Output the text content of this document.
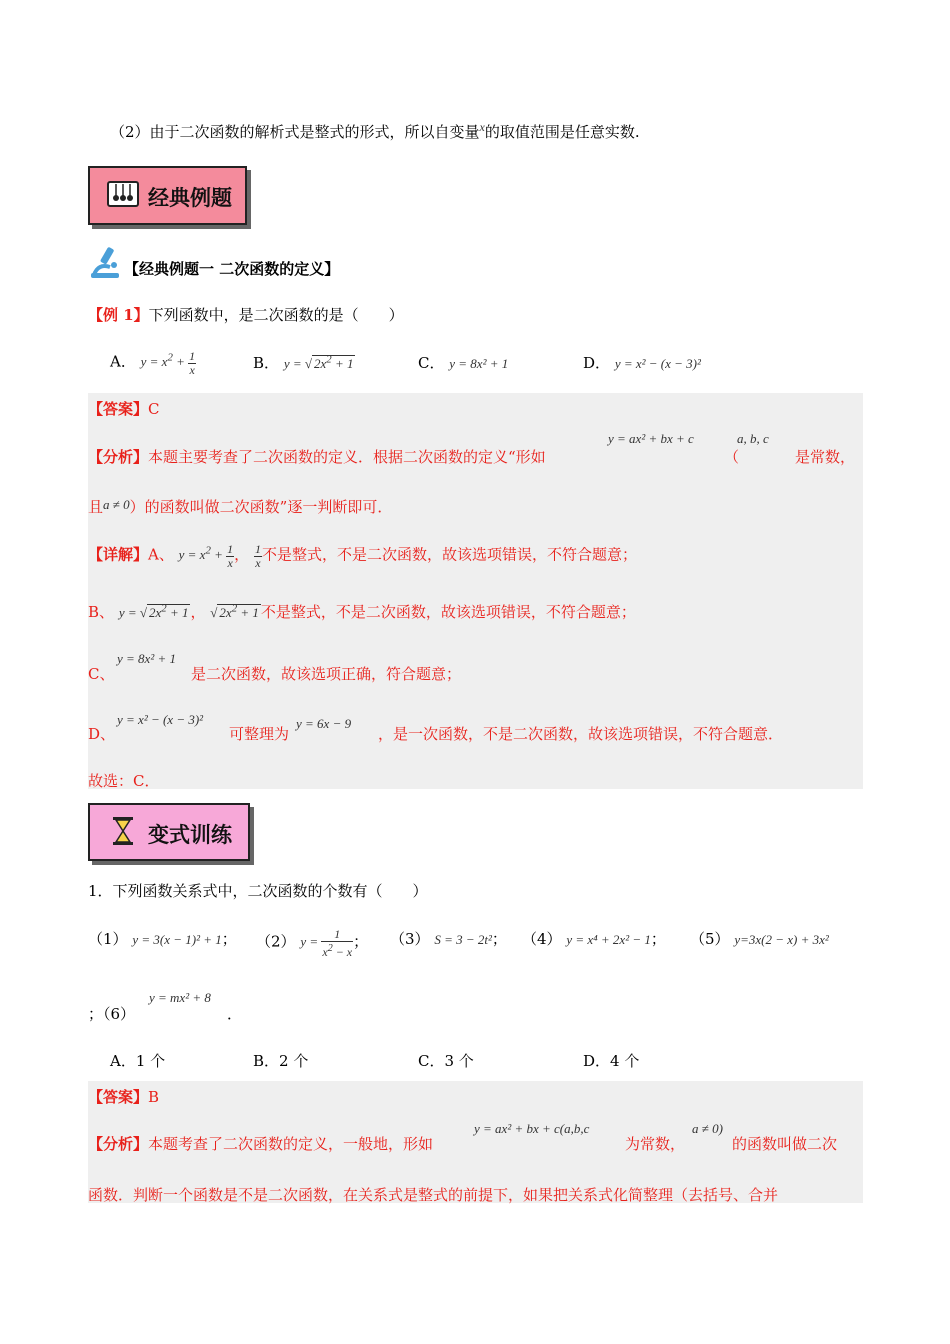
（2）由于二次函数的解析式是整式的形式，所以自变量$^x$的取值范围是任意实数.
经典例题
【经典例题一 二次函数的定义】
【例 1】下列函数中，是二次函数的是（　　）
A． $y = x^2 + \frac{1}{x}$	B． y = √ $2x^2 + 1$	C． y = 8x² + 1	D． y = x² − (x − 3)²
【答案】C
【分析】本题主要考查了二次函数的定义．根据二次函数的定义“形如
y = ax² + bx + c
（
a, b, c
是常数，
且a ≠ 0）的函数叫做二次函数”逐一判断即可．
【详解】A、 $y = x^2 + \frac{1}{x}$ ， $\frac{1}{x}$ 不是整式，不是二次函数，故该选项错误，不符合题意；
B、 y = √ $2x^2 + 1$ ， √ $2x^2 + 1$ 不是整式，不是二次函数，故该选项错误，不符合题意；
C、
y = 8x² + 1
是二次函数，故该选项正确，符合题意；
D、
y = x² − (x − 3)²
可整理为
y = 6x − 9
，是一次函数，不是二次函数，故该选项错误，不符合题意．
故选：C．
变式训练
1．下列函数关系式中，二次函数的个数有（　　）
（1） y = 3(x − 1)² + 1； （2） $y = \frac{1}{x^2 - x}$ ； （3） S = 3 − 2t²； （4） y = x⁴ + 2x² − 1； （5） y=3x(2 − x) + 3x²
；（6）
y = mx² + 8
．
A．1 个	B．2 个	C．3 个	D．4 个
【答案】B
【分析】本题考查了二次函数的定义，一般地，形如
y = ax² + bx + c(a,b,c
为常数，
a ≠ 0)
的函数叫做二次
函数．判断一个函数是不是二次函数，在关系式是整式的前提下，如果把关系式化简整理（去括号、合并
